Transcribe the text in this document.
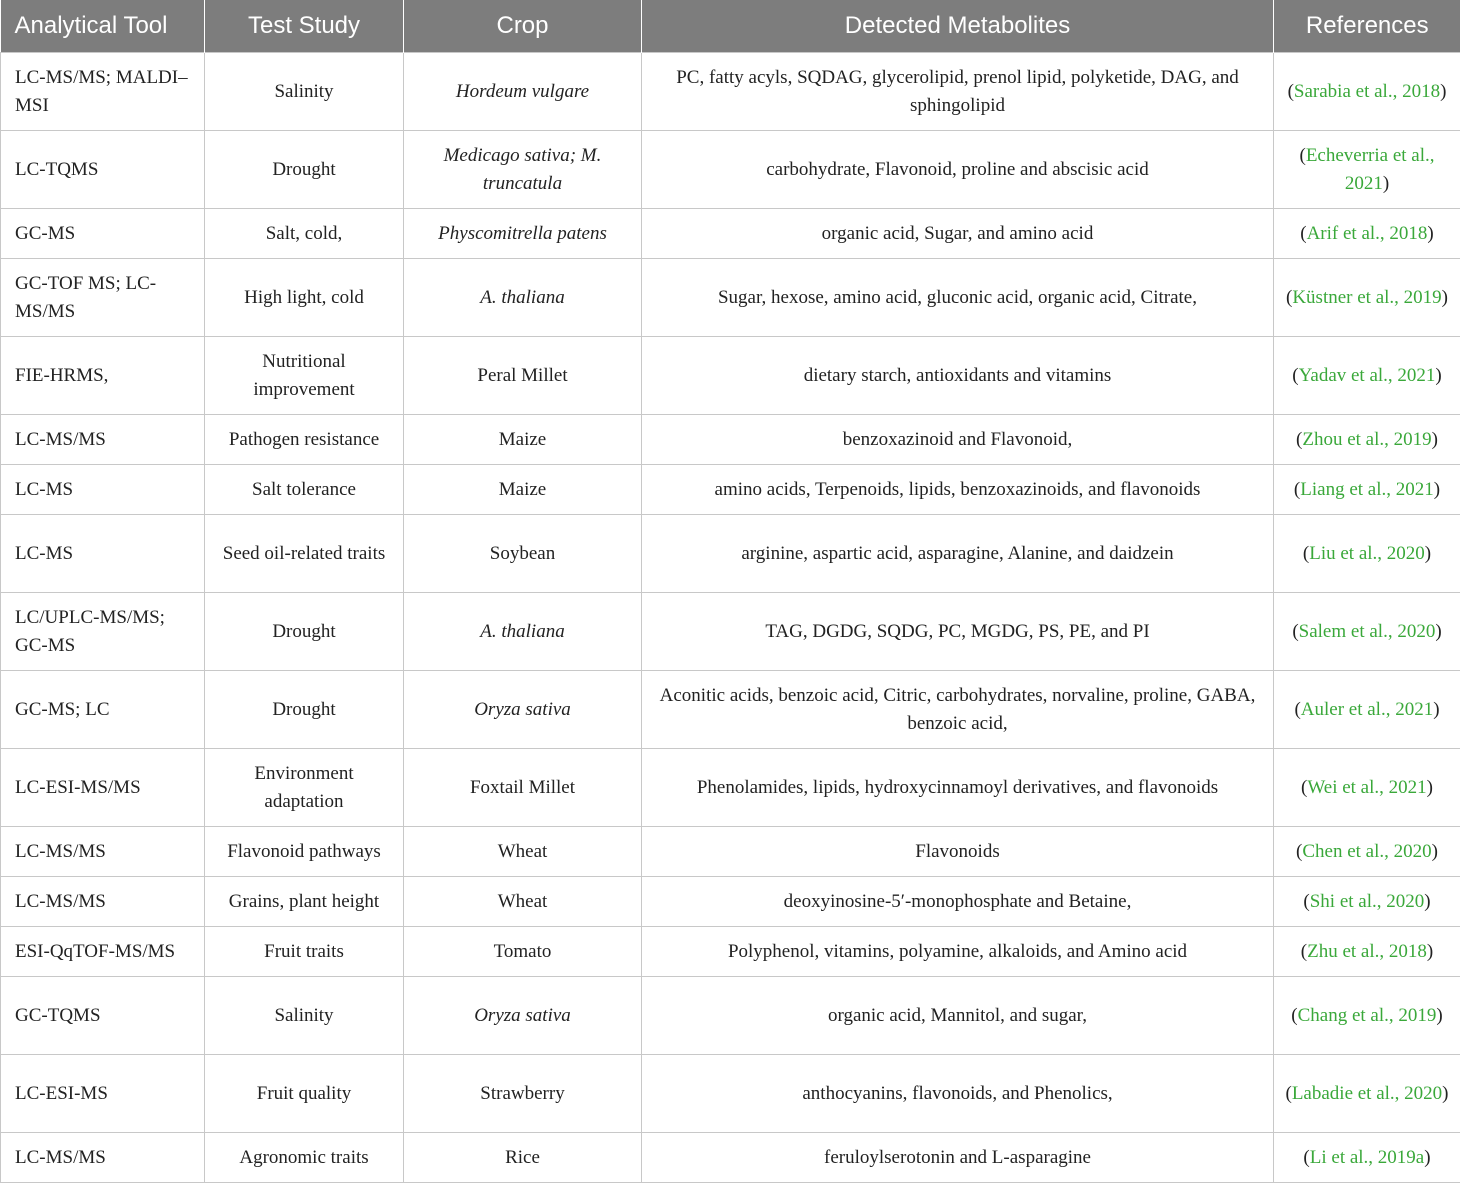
Analytical Tool	Test Study	Crop	Detected Metabolites	References
LC-MS/MS; MALDI–MSI	Salinity	Hordeum vulgare	PC, fatty acyls, SQDAG, glycerolipid, prenol lipid, polyketide, DAG, and sphingolipid	(Sarabia et al., 2018)
LC-TQMS	Drought	Medicago sativa; M. truncatula	carbohydrate, Flavonoid, proline and abscisic acid	(Echeverria et al., 2021)
GC-MS	Salt, cold,	Physcomitrella patens	organic acid, Sugar, and amino acid	(Arif et al., 2018)
GC-TOF MS; LC-MS/MS	High light, cold	A. thaliana	Sugar, hexose, amino acid, gluconic acid, organic acid, Citrate,	(Küstner et al., 2019)
FIE-HRMS,	Nutritional improvement	Peral Millet	dietary starch, antioxidants and vitamins	(Yadav et al., 2021)
LC-MS/MS	Pathogen resistance	Maize	benzoxazinoid and Flavonoid,	(Zhou et al., 2019)
LC-MS	Salt tolerance	Maize	amino acids, Terpenoids, lipids, benzoxazinoids, and flavonoids	(Liang et al., 2021)
LC-MS	Seed oil-related traits	Soybean	arginine, aspartic acid, asparagine, Alanine, and daidzein	(Liu et al., 2020)
LC/UPLC-MS/MS; GC-MS	Drought	A. thaliana	TAG, DGDG, SQDG, PC, MGDG, PS, PE, and PI	(Salem et al., 2020)
GC-MS; LC	Drought	Oryza sativa	Aconitic acids, benzoic acid, Citric, carbohydrates, norvaline, proline, GABA, benzoic acid,	(Auler et al., 2021)
LC-ESI-MS/MS	Environment adaptation	Foxtail Millet	Phenolamides, lipids, hydroxycinnamoyl derivatives, and flavonoids	(Wei et al., 2021)
LC-MS/MS	Flavonoid pathways	Wheat	Flavonoids	(Chen et al., 2020)
LC-MS/MS	Grains, plant height	Wheat	deoxyinosine-5′-monophosphate and Betaine,	(Shi et al., 2020)
ESI-QqTOF-MS/MS	Fruit traits	Tomato	Polyphenol, vitamins, polyamine, alkaloids, and Amino acid	(Zhu et al., 2018)
GC-TQMS	Salinity	Oryza sativa	organic acid, Mannitol, and sugar,	(Chang et al., 2019)
LC-ESI-MS	Fruit quality	Strawberry	anthocyanins, flavonoids, and Phenolics,	(Labadie et al., 2020)
LC-MS/MS	Agronomic traits	Rice	feruloylserotonin and L-asparagine	(Li et al., 2019a)
